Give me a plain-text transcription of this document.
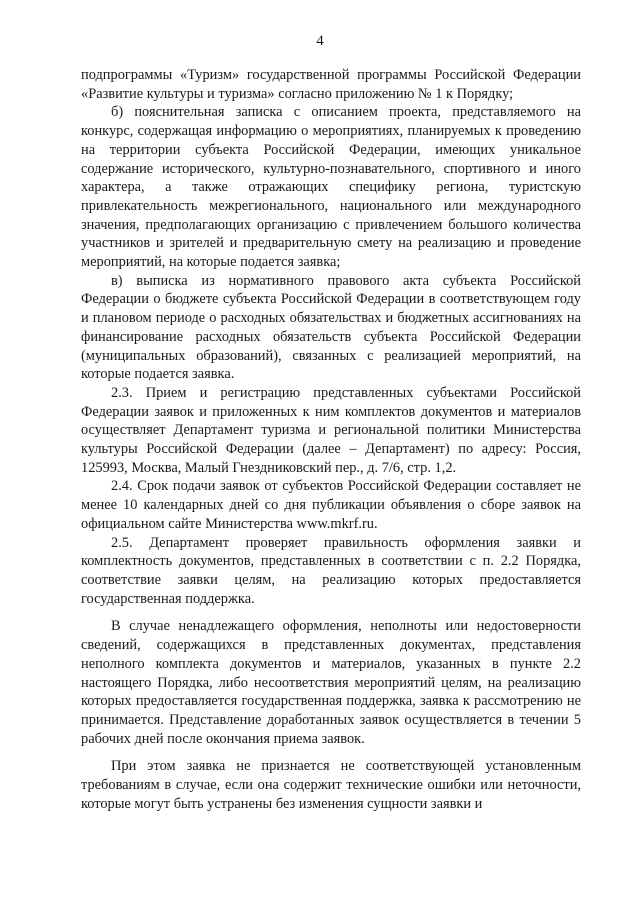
4

подпрограммы «Туризм» государственной программы Российской Федерации «Развитие культуры и туризма» согласно приложению № 1 к Порядку;

б) пояснительная записка с описанием проекта, представляемого на конкурс, содержащая информацию о мероприятиях, планируемых к проведению на территории субъекта Российской Федерации, имеющих уникальное содержание исторического, культурно-познавательного, спортивного и иного характера, а также отражающих специфику региона, туристскую привлекательность межрегионального, национального или международного значения, предполагающих организацию с привлечением большого количества участников и зрителей и предварительную смету на реализацию и проведение мероприятий, на которые подается заявка;

в) выписка из нормативного правового акта субъекта Российской Федерации о бюджете субъекта Российской Федерации в соответствующем году и плановом периоде о расходных обязательствах и бюджетных ассигнованиях на финансирование расходных обязательств субъекта Российской Федерации (муниципальных образований), связанных с реализацией мероприятий, на которые подается заявка.

2.3. Прием и регистрацию представленных субъектами Российской Федерации заявок и приложенных к ним комплектов документов и материалов осуществляет Департамент туризма и региональной политики Министерства культуры Российской Федерации (далее – Департамент) по адресу: Россия, 125993, Москва, Малый Гнездниковский пер., д. 7/6, стр. 1,2.

2.4. Срок подачи заявок от субъектов Российской Федерации составляет не менее 10 календарных дней со дня публикации объявления о сборе заявок на официальном сайте Министерства www.mkrf.ru.

2.5. Департамент проверяет правильность оформления заявки и комплектность документов, представленных в соответствии с п. 2.2 Порядка, соответствие заявки целям, на реализацию которых предоставляется государственная поддержка.

В случае ненадлежащего оформления, неполноты или недостоверности сведений, содержащихся в представленных документах, представления неполного комплекта документов и материалов, указанных в пункте 2.2 настоящего Порядка, либо несоответствия мероприятий целям, на реализацию которых предоставляется государственная поддержка, заявка к рассмотрению не принимается. Представление доработанных заявок осуществляется в течении 5 рабочих дней после окончания приема заявок.

При этом заявка не признается не соответствующей установленным требованиям в случае, если она содержит технические ошибки или неточности, которые могут быть устранены без изменения сущности заявки и
